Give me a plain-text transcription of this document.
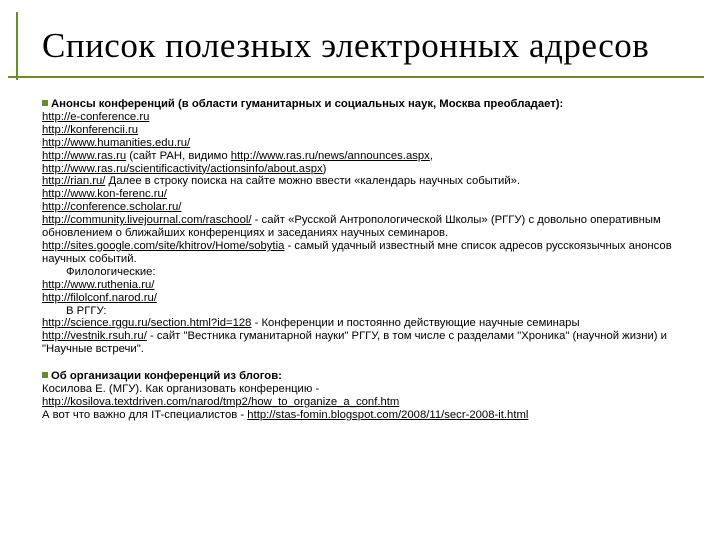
Список полезных электронных адресов
Анонсы конференций (в области гуманитарных и социальных наук, Москва преобладает):
http://e-conference.ru
http://konferencii.ru
http://www.humanities.edu.ru/
http://www.ras.ru (сайт РАН, видимо http://www.ras.ru/news/announces.aspx,
http://www.ras.ru/scientificactivity/actionsinfo/about.aspx)
http://rian.ru/ Далее в строку поиска на сайте можно ввести «календарь научных событий».
http://www.kon-ferenc.ru/
http://conference.scholar.ru/
http://community.livejournal.com/raschool/ - сайт «Русской Антропологической Школы» (РГГУ) с довольно оперативным обновлением о ближайших конференциях и заседаниях научных семинаров.
http://sites.google.com/site/khitrov/Home/sobytia - самый удачный известный мне список адресов русскоязычных анонсов научных событий.
Филологические:
http://www.ruthenia.ru/
http://filolconf.narod.ru/
В РГГУ:
http://science.rggu.ru/section.html?id=128 - Конференции и постоянно действующие научные семинары
http://vestnik.rsuh.ru/ - сайт "Вестника гуманитарной науки" РГГУ, в том числе с разделами "Хроника" (научной жизни) и "Научные встречи".
Об организации конференций из блогов:
Косилова Е. (МГУ). Как организовать конференцию -
http://kosilova.textdriven.com/narod/tmp2/how_to_organize_a_conf.htm
А вот что важно для IT-специалистов - http://stas-fomin.blogspot.com/2008/11/secr-2008-it.html
